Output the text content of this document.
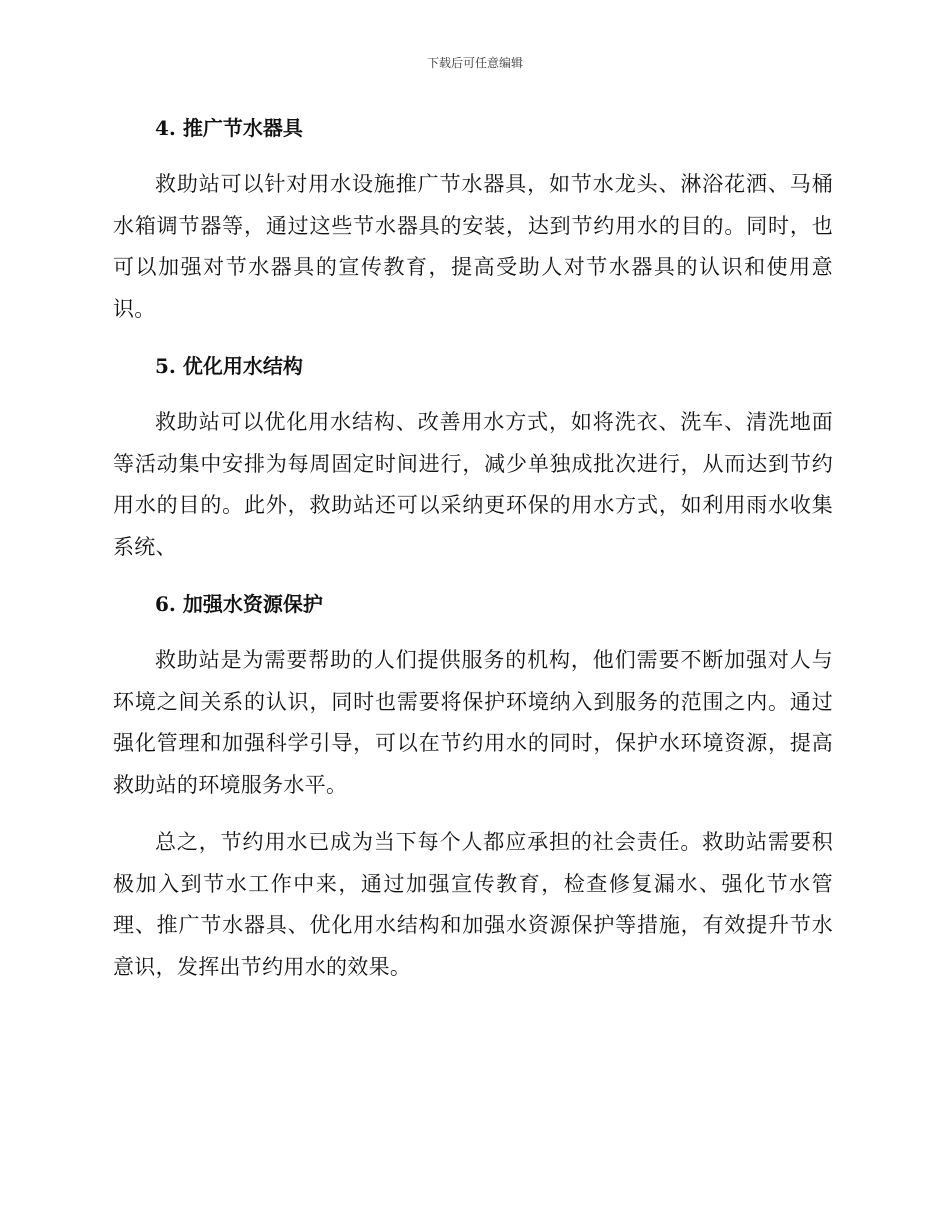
下载后可任意编辑
4. 推广节水器具

救助站可以针对用水设施推广节水器具，如节水龙头、淋浴花洒、马桶水箱调节器等，通过这些节水器具的安装，达到节约用水的目的。同时，也可以加强对节水器具的宣传教育，提高受助人对节水器具的认识和使用意识。

5. 优化用水结构

救助站可以优化用水结构、改善用水方式，如将洗衣、洗车、清洗地面等活动集中安排为每周固定时间进行，减少单独成批次进行，从而达到节约用水的目的。此外，救助站还可以采纳更环保的用水方式，如利用雨水收集系统、

6. 加强水资源保护

救助站是为需要帮助的人们提供服务的机构，他们需要不断加强对人与环境之间关系的认识，同时也需要将保护环境纳入到服务的范围之内。通过强化管理和加强科学引导，可以在节约用水的同时，保护水环境资源，提高救助站的环境服务水平。

总之，节约用水已成为当下每个人都应承担的社会责任。救助站需要积极加入到节水工作中来，通过加强宣传教育，检查修复漏水、强化节水管理、推广节水器具、优化用水结构和加强水资源保护等措施，有效提升节水意识，发挥出节约用水的效果。
